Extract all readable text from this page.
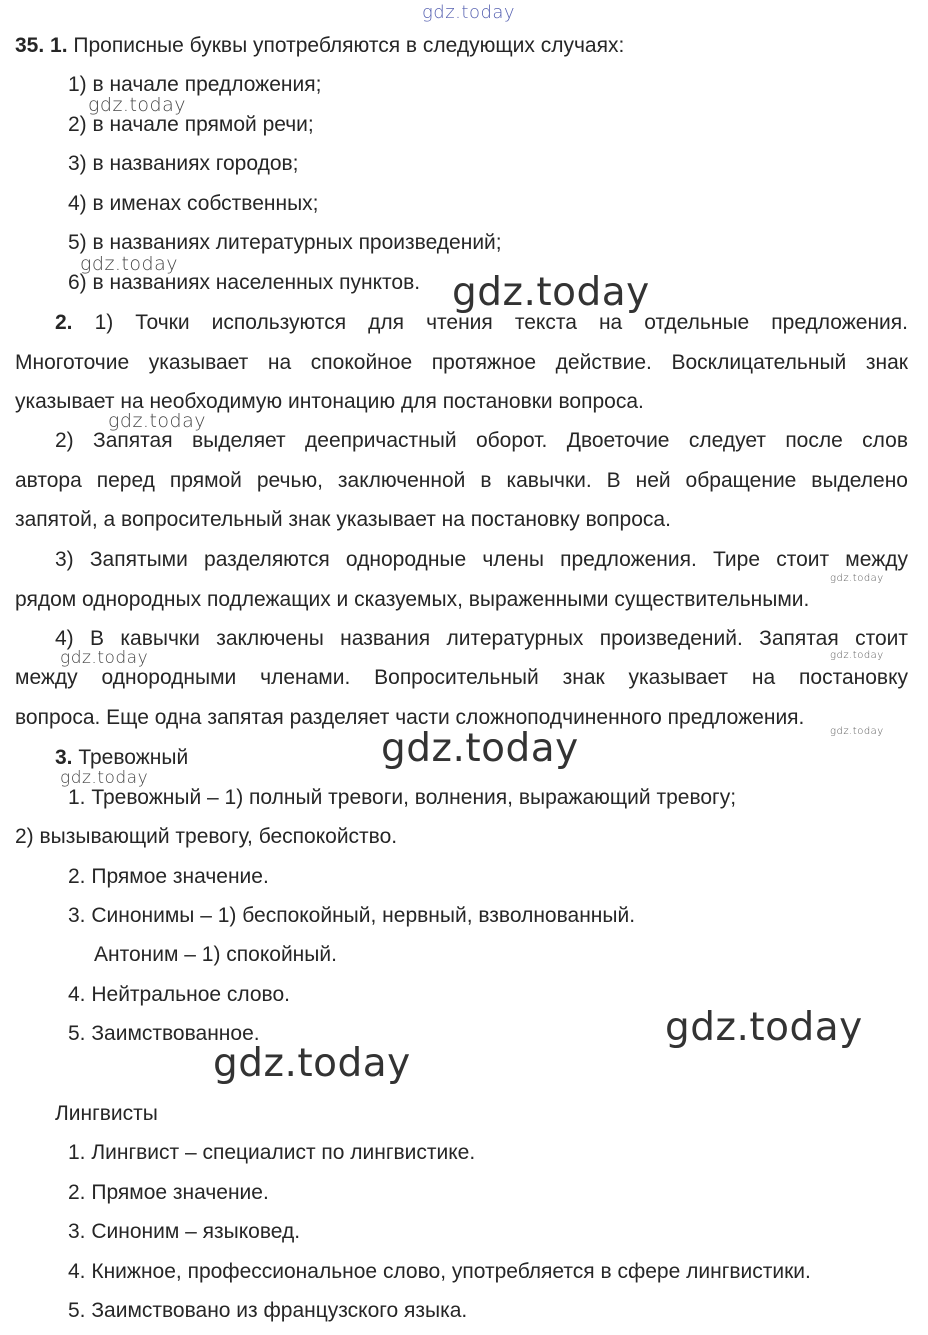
gdz.today
gdz.today
gdz.today
gdz.today
gdz.today
gdz.today
gdz.today
gdz.today
gdz.today
gdz.today
gdz.today
gdz.today
gdz.today
35. 1. Прописные буквы употребляются в следующих случаях:
1) в начале предложения;
2) в начале прямой речи;
3) в названиях городов;
4) в именах собственных;
5) в названиях литературных произведений;
6) в названиях населенных пунктов.
2. 1) Точки используются для чтения текста на отдельные предложения.
Многоточие указывает на спокойное протяжное действие. Восклицательный знак
указывает на необходимую интонацию для постановки вопроса.
2) Запятая выделяет деепричастный оборот. Двоеточие следует после слов
автора перед прямой речью, заключенной в кавычки. В ней обращение выделено
запятой, а вопросительный знак указывает на постановку вопроса.
3) Запятыми разделяются однородные члены предложения. Тире стоит между
рядом однородных подлежащих и сказуемых, выраженными существительными.
4) В кавычки заключены названия литературных произведений. Запятая стоит
между однородными членами. Вопросительный знак указывает на постановку
вопроса. Еще одна запятая разделяет части сложноподчиненного предложения.
3. Тревожный
1. Тревожный – 1) полный тревоги, волнения, выражающий тревогу;
2) вызывающий тревогу, беспокойство.
2. Прямое значение.
3. Синонимы – 1) беспокойный, нервный, взволнованный.
Антоним – 1) спокойный.
4. Нейтральное слово.
5. Заимствованное.
Лингвисты
1. Лингвист – специалист по лингвистике.
2. Прямое значение.
3. Синоним – языковед.
4. Книжное, профессиональное слово, употребляется в сфере лингвистики.
5. Заимствовано из французского языка.
